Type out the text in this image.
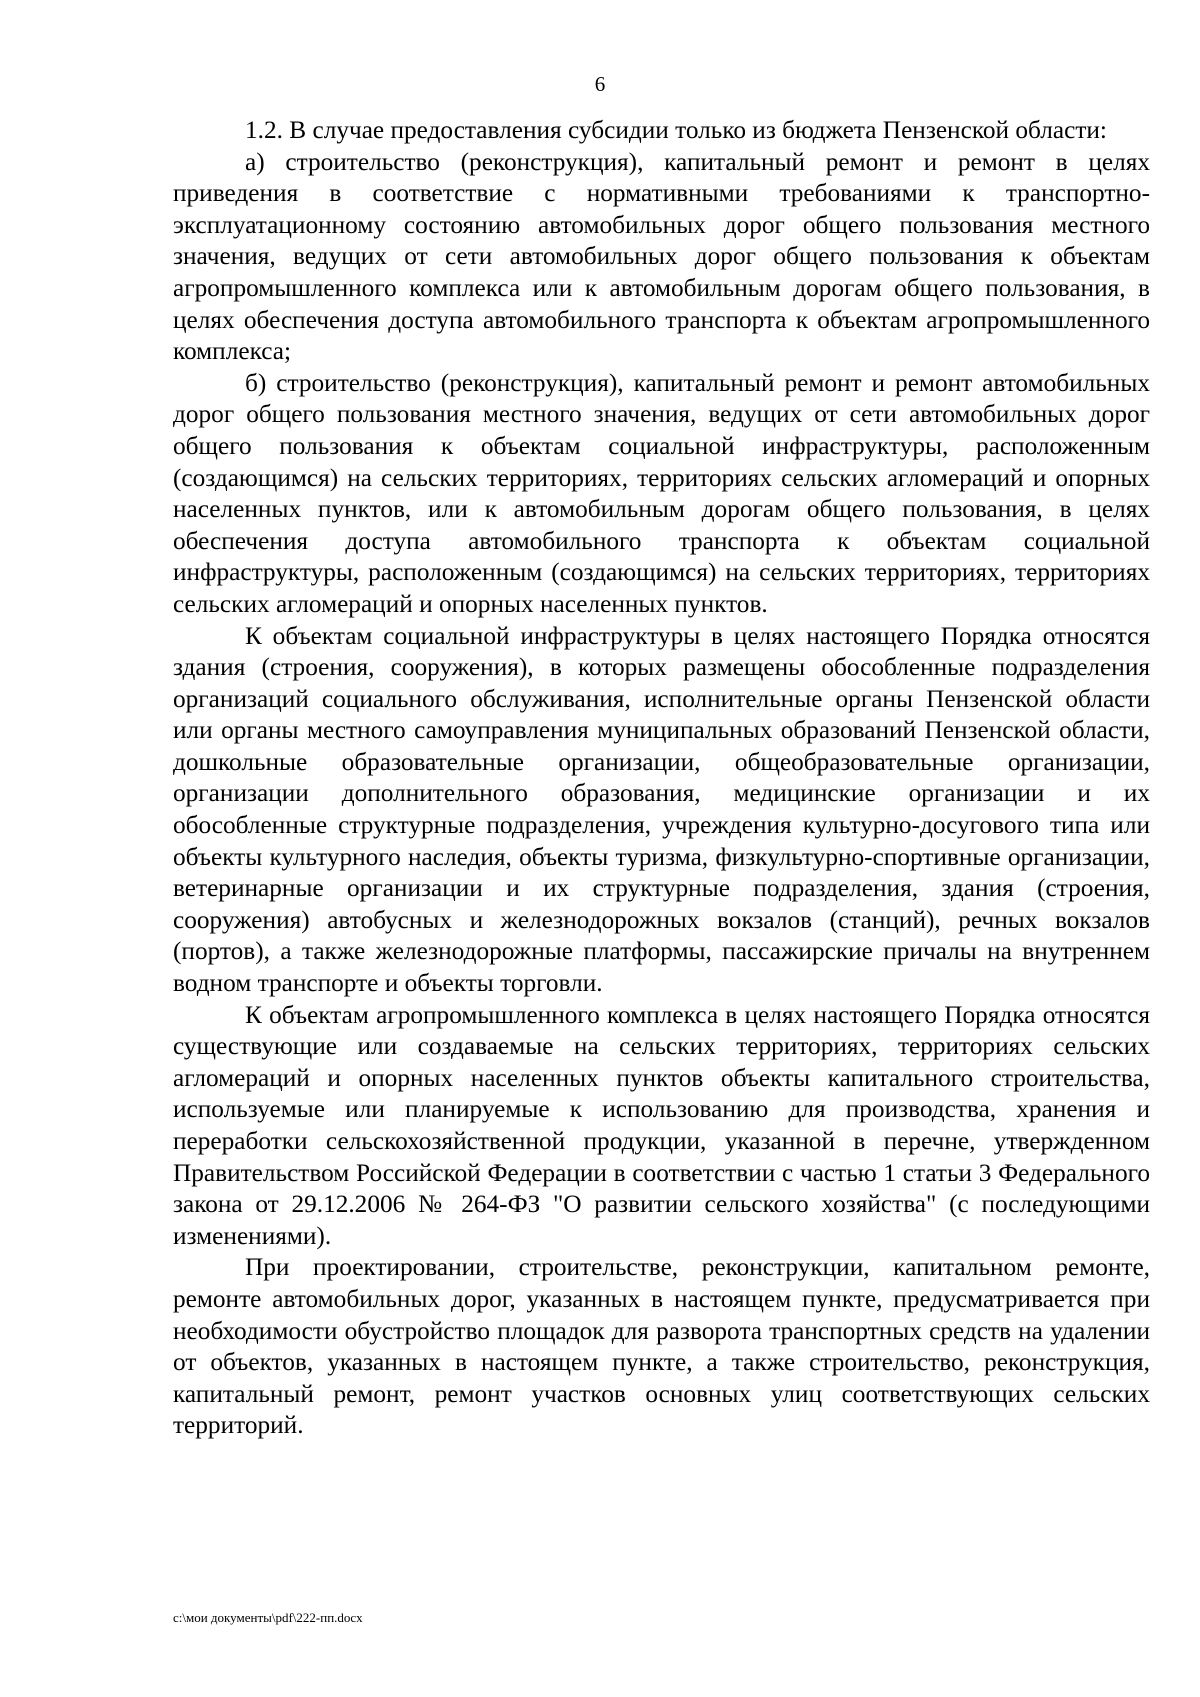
6

1.2. В случае предоставления субсидии только из бюджета Пензенской области:

а) строительство (реконструкция), капитальный ремонт и ремонт в целях приведения в соответствие с нормативными требованиями к транспортно-эксплуатационному состоянию автомобильных дорог общего пользования местного значения, ведущих от сети автомобильных дорог общего пользования к объектам агропромышленного комплекса или к автомобильным дорогам общего пользования, в целях обеспечения доступа автомобильного транспорта к объектам агропромышленного комплекса;

б) строительство (реконструкция), капитальный ремонт и ремонт автомобильных дорог общего пользования местного значения, ведущих от сети автомобильных дорог общего пользования к объектам социальной инфраструктуры, расположенным (создающимся) на сельских территориях, территориях сельских агломераций и опорных населенных пунктов, или к автомобильным дорогам общего пользования, в целях обеспечения доступа автомобильного транспорта к объектам социальной инфраструктуры, расположенным (создающимся) на сельских территориях, территориях сельских агломераций и опорных населенных пунктов.

К объектам социальной инфраструктуры в целях настоящего Порядка относятся здания (строения, сооружения), в которых размещены обособленные подразделения организаций социального обслуживания, исполнительные органы Пензенской области или органы местного самоуправления муниципальных образований Пензенской области, дошкольные образовательные организации, общеобразовательные организации, организации дополнительного образования, медицинские организации и их обособленные структурные подразделения, учреждения культурно-досугового типа или объекты культурного наследия, объекты туризма, физкультурно-спортивные организации, ветеринарные организации и их структурные подразделения, здания (строения, сооружения) автобусных и железнодорожных вокзалов (станций), речных вокзалов (портов), а также железнодорожные платформы, пассажирские причалы на внутреннем водном транспорте и объекты торговли.

К объектам агропромышленного комплекса в целях настоящего Порядка относятся существующие или создаваемые на сельских территориях, территориях сельских агломераций и опорных населенных пунктов объекты капитального строительства, используемые или планируемые к использованию для производства, хранения и переработки сельскохозяйственной продукции, указанной в перечне, утвержденном Правительством Российской Федерации в соответствии с частью 1 статьи 3 Федерального закона от 29.12.2006 № 264-ФЗ "О развитии сельского хозяйства" (с последующими изменениями).

При проектировании, строительстве, реконструкции, капитальном ремонте, ремонте автомобильных дорог, указанных в настоящем пункте, предусматривается при необходимости обустройство площадок для разворота транспортных средств на удалении от объектов, указанных в настоящем пункте, а также строительство, реконструкция, капитальный ремонт, ремонт участков основных улиц соответствующих сельских территорий.

c:\мои документы\pdf\222-пп.docx
